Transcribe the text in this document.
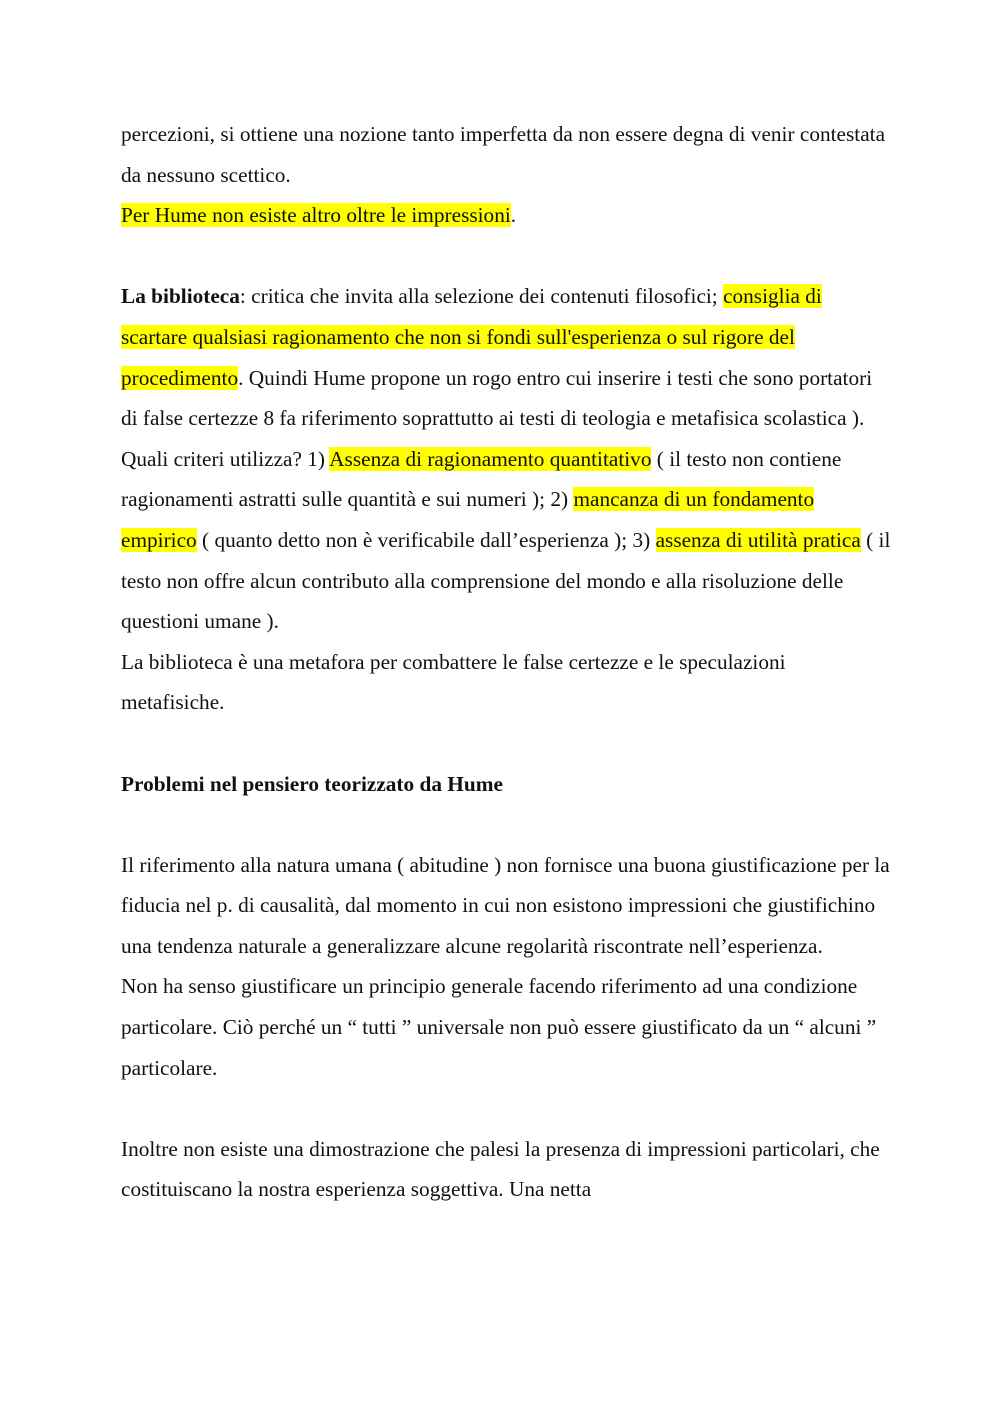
percezioni, si ottiene una nozione tanto imperfetta da non essere degna di venir contestata da nessuno scettico.

Per Hume non esiste altro oltre le impressioni.

La biblioteca: critica che invita alla selezione dei contenuti filosofici; consiglia di scartare qualsiasi ragionamento che non si fondi sull'esperienza o sul rigore del procedimento. Quindi Hume propone un rogo entro cui inserire i testi che sono portatori di false certezze 8 fa riferimento soprattutto ai testi di teologia e metafisica scolastica ).

Quali criteri utilizza? 1) Assenza di ragionamento quantitativo ( il testo non contiene ragionamenti astratti sulle quantità e sui numeri ); 2) mancanza di un fondamento empirico ( quanto detto non è verificabile dall’esperienza ); 3) assenza di utilità pratica ( il testo non offre alcun contributo alla comprensione del mondo e alla risoluzione delle questioni umane ).

La biblioteca è una metafora per combattere le false certezze e le speculazioni metafisiche.

Problemi nel pensiero teorizzato da Hume

Il riferimento alla natura umana ( abitudine ) non fornisce una buona giustificazione per la fiducia nel p. di causalità, dal momento in cui non esistono impressioni che giustifichino una tendenza naturale a generalizzare alcune regolarità riscontrate nell’esperienza.

Non ha senso giustificare un principio generale facendo riferimento ad una condizione particolare. Ciò perché un “ tutti ” universale non può essere giustificato da un “ alcuni ” particolare.

Inoltre non esiste una dimostrazione che palesi la presenza di impressioni particolari, che costituiscano la nostra esperienza soggettiva. Una netta
